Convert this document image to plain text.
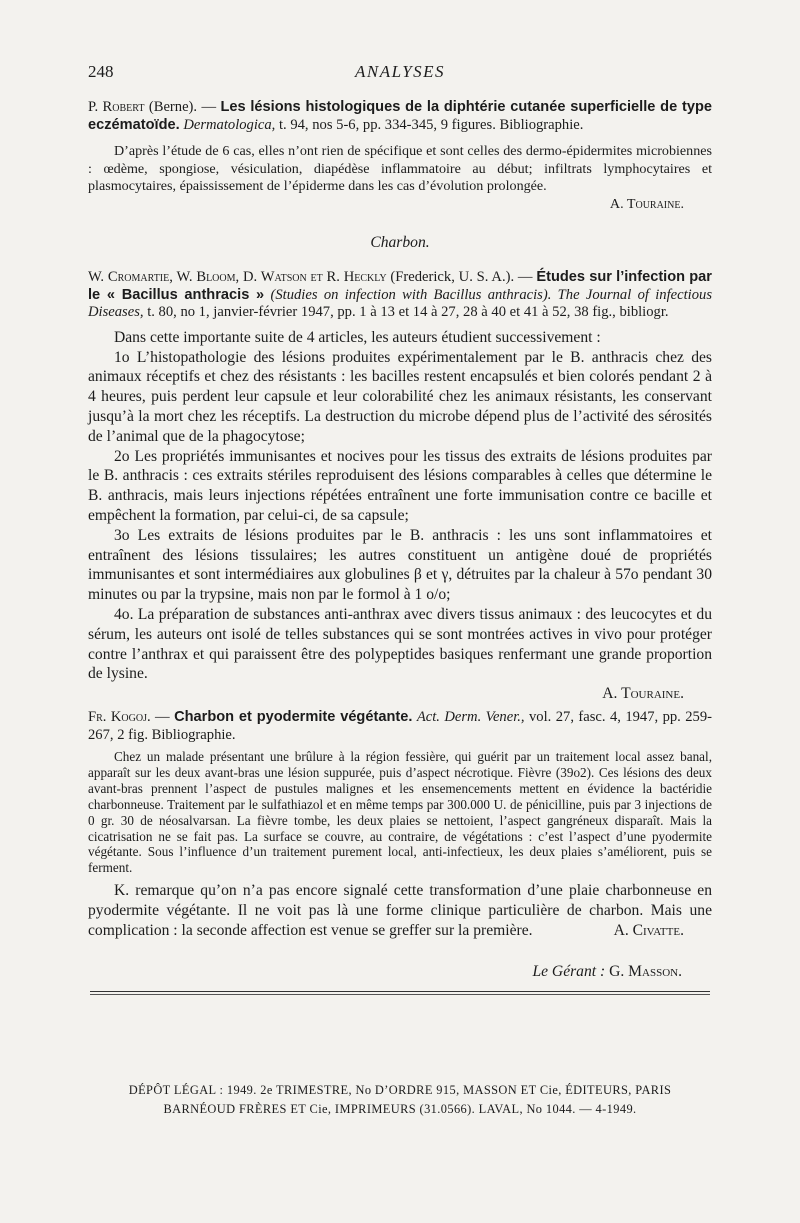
248	ANALYSES

P. Robert (Berne). — Les lésions histologiques de la diphtérie cutanée superficielle de type eczématoïde. Dermatologica, t. 94, nos 5-6, pp. 334-345, 9 figures. Bibliographie.

D’après l’étude de 6 cas, elles n’ont rien de spécifique et sont celles des dermo-épidermites microbiennes : œdème, spongiose, vésiculation, diapédèse inflammatoire au début; infiltrats lymphocytaires et plasmocytaires, épaississement de l’épiderme dans les cas d’évolution prolongée.

A. Touraine.

Charbon.

W. Cromartie, W. Bloom, D. Watson et R. Heckly (Frederick, U. S. A.). — Études sur l’infection par le « Bacillus anthracis » (Studies on infection with Bacillus anthracis). The Journal of infectious Diseases, t. 80, no 1, janvier-février 1947, pp. 1 à 13 et 14 à 27, 28 à 40 et 41 à 52, 38 fig., bibliogr.

Dans cette importante suite de 4 articles, les auteurs étudient successivement :

1o L’histopathologie des lésions produites expérimentalement par le B. anthracis chez des animaux réceptifs et chez des résistants : les bacilles restent encapsulés et bien colorés pendant 2 à 4 heures, puis perdent leur capsule et leur colorabilité chez les animaux résistants, les conservant jusqu’à la mort chez les réceptifs. La destruction du microbe dépend plus de l’activité des sérosités de l’animal que de la phagocytose;

2o Les propriétés immunisantes et nocives pour les tissus des extraits de lésions produites par le B. anthracis : ces extraits stériles reproduisent des lésions comparables à celles que détermine le B. anthracis, mais leurs injections répétées entraînent une forte immunisation contre ce bacille et empêchent la formation, par celui-ci, de sa capsule;

3o Les extraits de lésions produites par le B. anthracis : les uns sont inflammatoires et entraînent des lésions tissulaires; les autres constituent un antigène doué de propriétés immunisantes et sont intermédiaires aux globulines β et γ, détruites par la chaleur à 57o pendant 30 minutes ou par la trypsine, mais non par le formol à 1 o/o;

4o. La préparation de substances anti-anthrax avec divers tissus animaux : des leucocytes et du sérum, les auteurs ont isolé de telles substances qui se sont montrées actives in vivo pour protéger contre l’anthrax et qui paraissent être des polypeptides basiques renfermant une grande proportion de lysine.

A. Touraine.

Fr. Kogoj. — Charbon et pyodermite végétante. Act. Derm. Vener., vol. 27, fasc. 4, 1947, pp. 259-267, 2 fig. Bibliographie.

Chez un malade présentant une brûlure à la région fessière, qui guérit par un traitement local assez banal, apparaît sur les deux avant-bras une lésion suppurée, puis d’aspect nécrotique. Fièvre (39o2). Ces lésions des deux avant-bras prennent l’aspect de pustules malignes et les ensemencements mettent en évidence la bactéridie charbonneuse. Traitement par le sulfathiazol et en même temps par 300.000 U. de pénicilline, puis par 3 injections de 0 gr. 30 de néosalvarsan. La fièvre tombe, les deux plaies se nettoient, l’aspect gangréneux disparaît. Mais la cicatrisation ne se fait pas. La surface se couvre, au contraire, de végétations : c’est l’aspect d’une pyodermite végétante. Sous l’influence d’un traitement purement local, anti-infectieux, les deux plaies s’améliorent, puis se ferment.

K. remarque qu’on n’a pas encore signalé cette transformation d’une plaie charbonneuse en pyodermite végétante. Il ne voit pas là une forme clinique particulière de charbon. Mais une complication : la seconde affection est venue se greffer sur la première.	A. Civatte.

Le Gérant : G. Masson.
DÉPÔT LÉGAL : 1949. 2e TRIMESTRE, No D’ORDRE 915, MASSON ET Cie, ÉDITEURS, PARIS
BARNÉOUD FRÈRES ET Cie, IMPRIMEURS (31.0566). LAVAL, No 1044. — 4-1949.
